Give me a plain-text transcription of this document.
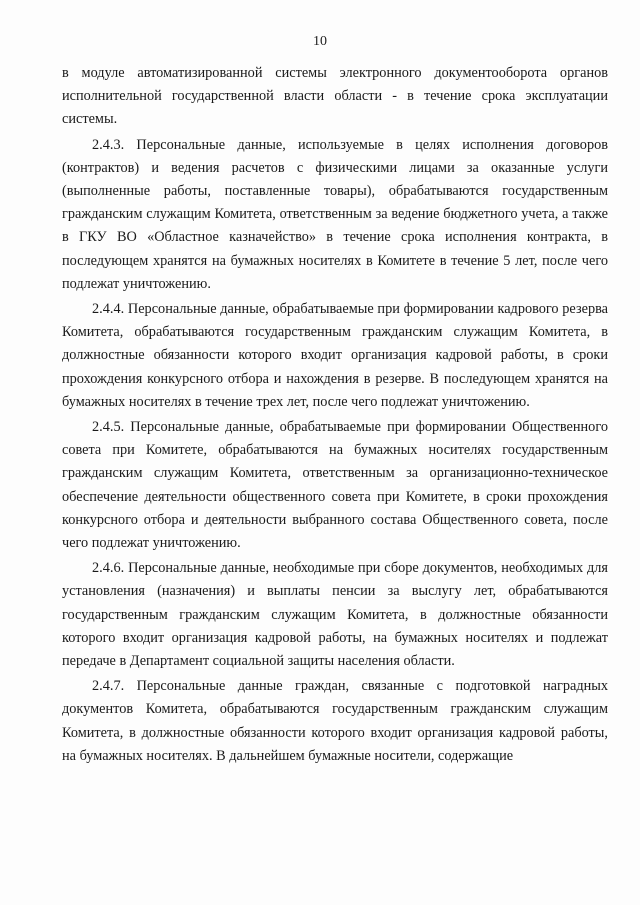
10

в модуле автоматизированной системы электронного документооборота органов исполнительной государственной власти области - в течение срока эксплуатации системы.

2.4.3. Персональные данные, используемые в целях исполнения договоров (контрактов) и ведения расчетов с физическими лицами за оказанные услуги (выполненные работы, поставленные товары), обрабатываются государственным гражданским служащим Комитета, ответственным за ведение бюджетного учета, а также в ГКУ ВО «Областное казначейство» в течение срока исполнения контракта, в последующем хранятся на бумажных носителях в Комитете в течение 5 лет, после чего подлежат уничтожению.

2.4.4. Персональные данные, обрабатываемые при формировании кадрового резерва Комитета, обрабатываются государственным гражданским служащим Комитета, в должностные обязанности которого входит организация кадровой работы, в сроки прохождения конкурсного отбора и нахождения в резерве. В последующем хранятся на бумажных носителях в течение трех лет, после чего подлежат уничтожению.

2.4.5. Персональные данные, обрабатываемые при формировании Общественного совета при Комитете, обрабатываются на бумажных носителях государственным гражданским служащим Комитета, ответственным за организационно-техническое обеспечение деятельности общественного совета при Комитете, в сроки прохождения конкурсного отбора и деятельности выбранного состава Общественного совета, после чего подлежат уничтожению.

2.4.6. Персональные данные, необходимые при сборе документов, необходимых для установления (назначения) и выплаты пенсии за выслугу лет, обрабатываются государственным гражданским служащим Комитета, в должностные обязанности которого входит организация кадровой работы, на бумажных носителях и подлежат передаче в Департамент социальной защиты населения области.

2.4.7. Персональные данные граждан, связанные с подготовкой наградных документов Комитета, обрабатываются государственным гражданским служащим Комитета, в должностные обязанности которого входит организация кадровой работы, на бумажных носителях. В дальнейшем бумажные носители, содержащие
